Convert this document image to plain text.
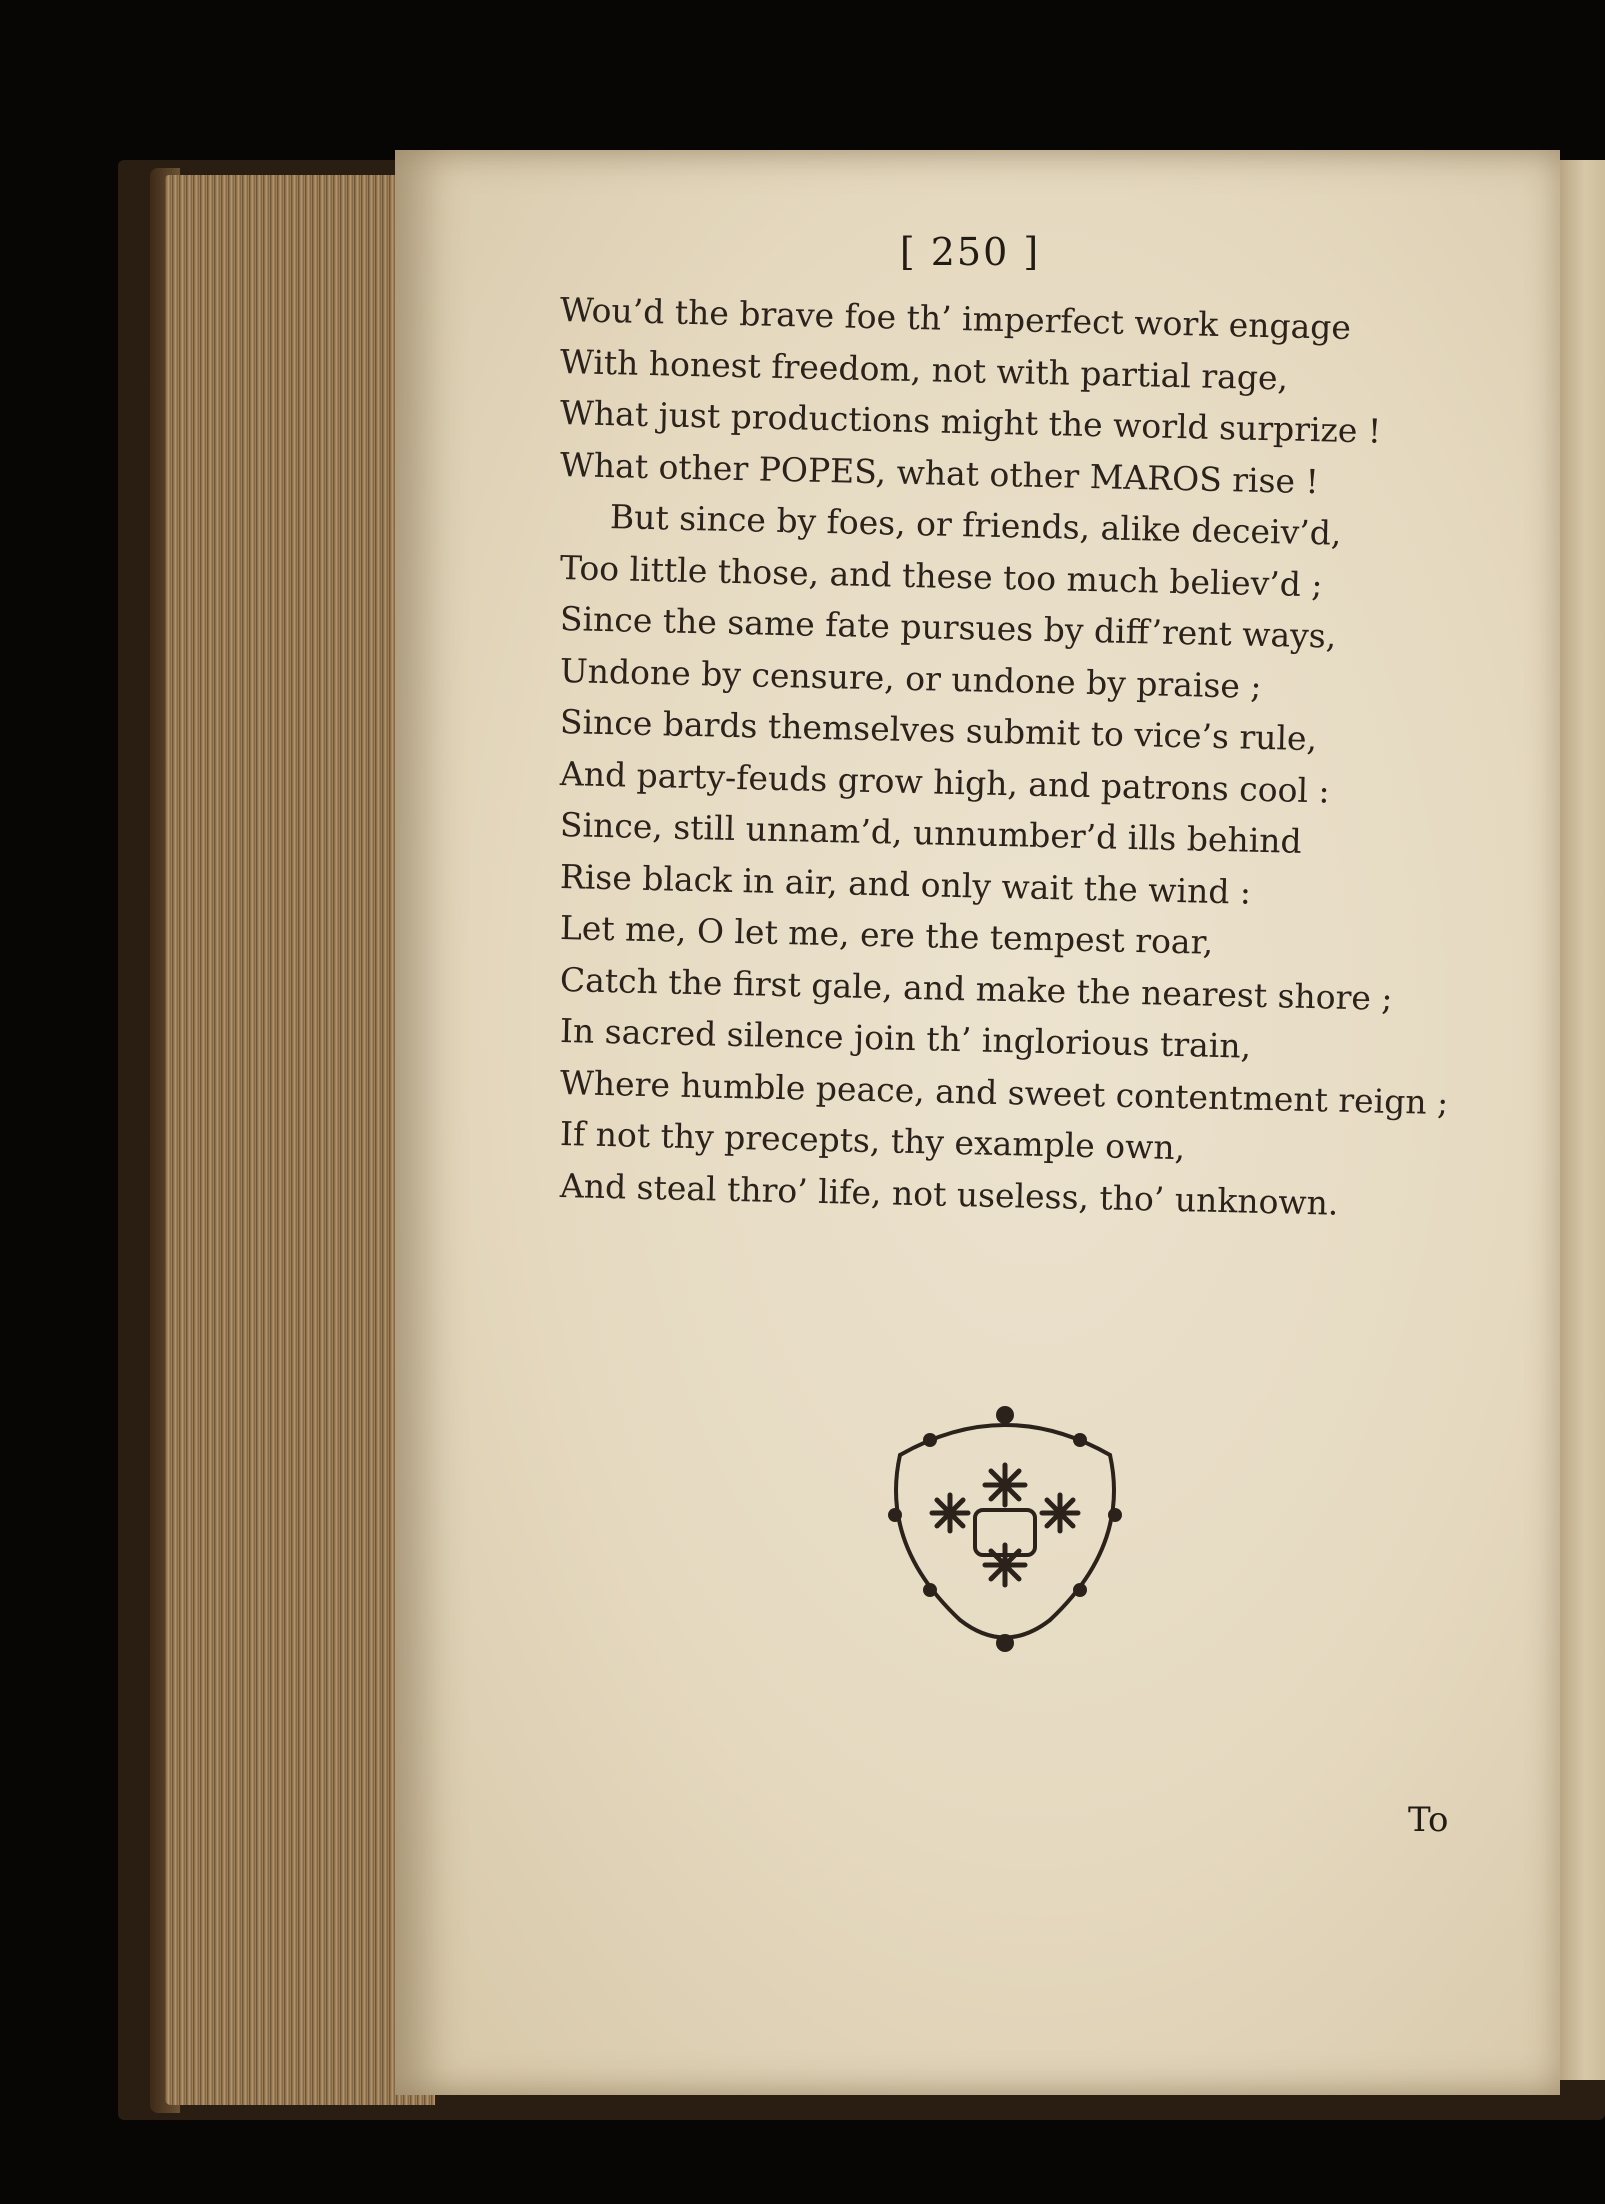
[ 250 ]
Wou’d the brave foe th’ imperfect work engage
With honest freedom, not with partial rage,
What just productions might the world surprize !
What other POPES, what other MAROS rise !
But since by foes, or friends, alike deceiv’d,
Too little those, and these too much believ’d ;
Since the same fate pursues by diff’rent ways,
Undone by censure, or undone by praise ;
Since bards themselves submit to vice’s rule,
And party-feuds grow high, and patrons cool :
Since, still unnam’d, unnumber’d ills behind
Rise black in air, and only wait the wind :
Let me, O let me, ere the tempest roar,
Catch the first gale, and make the nearest shore ;
In sacred silence join th’ inglorious train,
Where humble peace, and sweet contentment reign ;
If not thy precepts, thy example own,
And steal thro’ life, not useless, tho’ unknown.
To
